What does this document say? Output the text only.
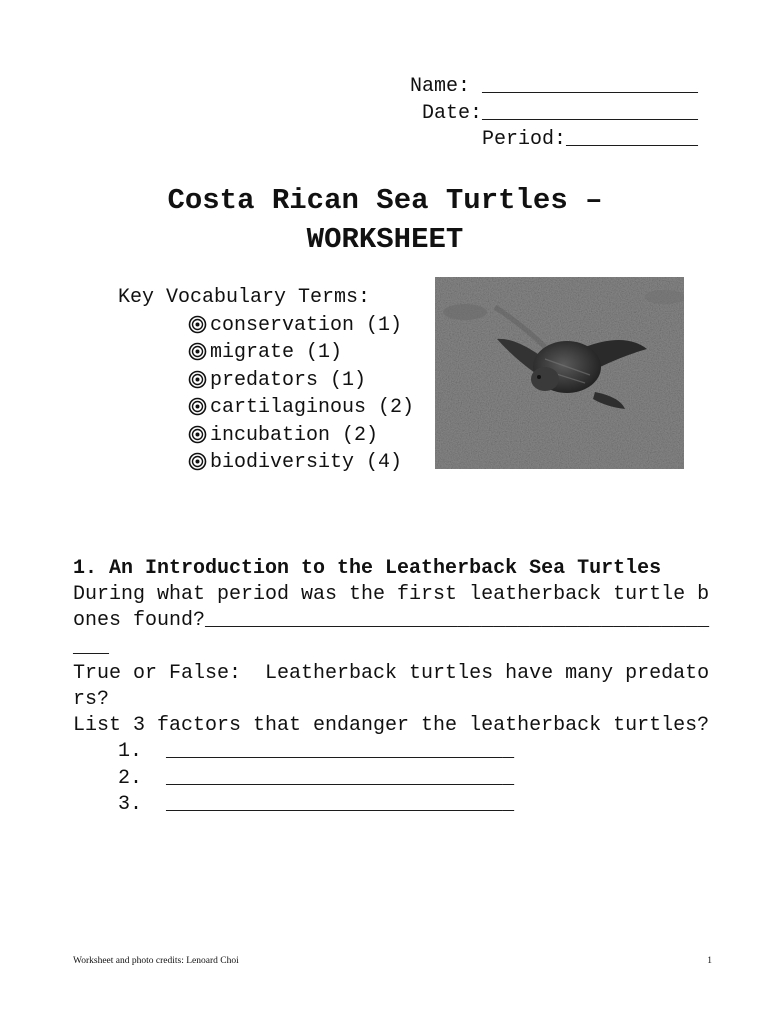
Name: __________________
Date:__________________
Period:___________
Costa Rican Sea Turtles –
WORKSHEET
Key Vocabulary Terms:
conservation (1)
migrate (1)
predators (1)
cartilaginous (2)
incubation (2)
biodiversity (4)
1. An Introduction to the Leatherback Sea Turtles
During what period was the first leatherback turtle bones found?_____________________________________________
True or False:  Leatherback turtles have many predators?
List 3 factors that endanger the leatherback turtles?
1.  _____________________________
2.  _____________________________
3.  _____________________________
Worksheet and photo credits: Lenoard Choi	1
